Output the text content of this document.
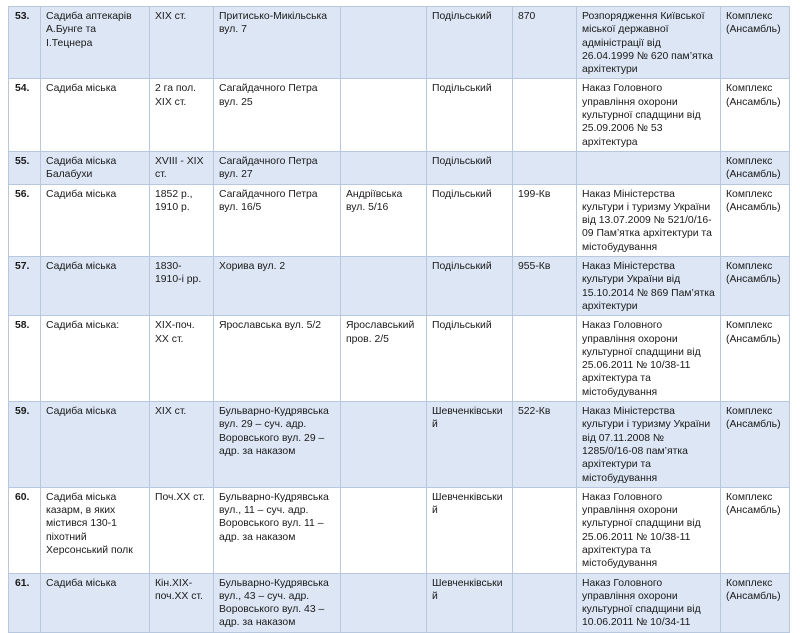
53.	Садиба аптекарів А.Бунге та І.Тецнера	XIX ст.	Притисько-Микільська вул. 7		Подільський	870	Розпорядження Київської міської державної адміністрації від 26.04.1999 № 620 пам’ятка архітектури	Комплекс (Ансамбль)
54.	Садиба міська	2 га пол. XIX ст.	Сагайдачного Петра вул. 25		Подільський		Наказ Головного управління охорони культурної спадщини від 25.09.2006 № 53 архітектура	Комплекс (Ансамбль)
55.	Садиба міська Балабухи	XVIII - XIX ст.	Сагайдачного Петра вул. 27		Подільський			Комплекс (Ансамбль)
56.	Садиба міська	1852 р., 1910 р.	Сагайдачного Петра вул. 16/5	Андріївська вул. 5/16	Подільський	199-Кв	Наказ Міністерства культури і туризму України від 13.07.2009 № 521/0/16-09 Пам’ятка архітектури та містобудування	Комплекс (Ансамбль)
57.	Садиба міська	1830-1910-і рр.	Хорива вул. 2		Подільський	955-Кв	Наказ Міністерства культури України від 15.10.2014 № 869 Пам’ятка архітектури	Комплекс (Ансамбль)
58.	Садиба міська:	XIX-поч. XX ст.	Ярославська вул. 5/2	Ярославський пров. 2/5	Подільський		Наказ Головного управління охорони культурної спадщини від 25.06.2011 № 10/38-11 архітектура та містобудування	Комплекс (Ансамбль)
59.	Садиба міська	XIX ст.	Бульварно-Кудрявська вул. 29 – суч. адр. Воровського вул. 29 – адр. за наказом		Шевченківський	522-Кв	Наказ Міністерства культури і туризму України від 07.11.2008 № 1285/0/16-08 пам’ятка архітектури та містобудування	Комплекс (Ансамбль)
60.	Садиба міська казарм, в яких містився 130-1 піхотний Херсонський полк	Поч.XX ст.	Бульварно-Кудрявська вул., 11 – суч. адр. Воровського вул. 11 – адр. за наказом		Шевченківський		Наказ Головного управління охорони культурної спадщини від 25.06.2011 № 10/38-11 архітектура та містобудування	Комплекс (Ансамбль)
61.	Садиба міська	Кін.XIX-поч.XX ст.	Бульварно-Кудрявська вул., 43 – суч. адр. Воровського вул. 43 – адр. за наказом		Шевченківський		Наказ Головного управління охорони культурної спадщини від 10.06.2011 № 10/34-11	Комплекс (Ансамбль)
